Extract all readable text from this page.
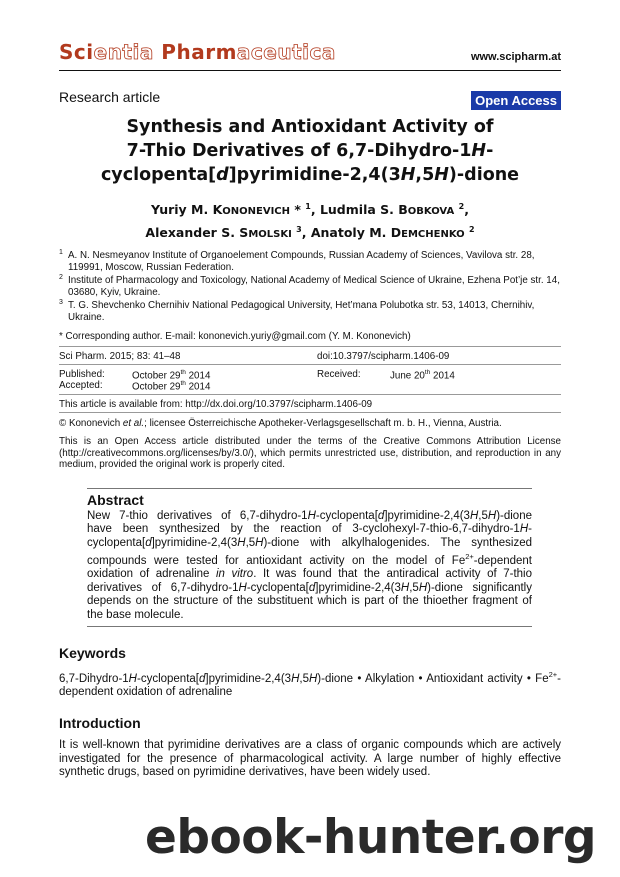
Scientia Pharmaceutica	www.scipharm.at
Research article	Open Access
Synthesis and Antioxidant Activity of
7-Thio Derivatives of 6,7-Dihydro-1H-
cyclopenta[d]pyrimidine-2,4(3H,5H)-dione
Yuriy M. KONONEVICH * $^1$, Ludmila S. BOBKOVA $^2$,
Alexander S. SMOLSKI $^3$, Anatoly M. DEMCHENKO $^2$
1 A. N. Nesmeyanov Institute of Organoelement Compounds, Russian Academy of Sciences, Vavilova str. 28, 119991, Moscow, Russian Federation.
2 Institute of Pharmacology and Toxicology, National Academy of Medical Science of Ukraine, Ezhena Pot’je str. 14, 03680, Kyiv, Ukraine.
3 T. G. Shevchenko Chernihiv National Pedagogical University, Het’mana Polubotka str. 53, 14013, Chernihiv, Ukraine.
* Corresponding author. E-mail: kononevich.yuriy@gmail.com (Y. M. Kononevich)
Sci Pharm. 2015; 83: 41–48	doi:10.3797/scipharm.1406-09
Published:	October 29th 2014	Received:	June 20th 2014
Accepted:	October 29th 2014
This article is available from: http://dx.doi.org/10.3797/scipharm.1406-09
© Kononevich et al.; licensee Österreichische Apotheker-Verlagsgesellschaft m. b. H., Vienna, Austria.
This is an Open Access article distributed under the terms of the Creative Commons Attribution License (http://creativecommons.org/licenses/by/3.0/), which permits unrestricted use, distribution, and reproduction in any medium, provided the original work is properly cited.
Abstract
New 7-thio derivatives of 6,7-dihydro-1H-cyclopenta[d]pyrimidine-2,4(3H,5H)-dione have been synthesized by the reaction of 3-cyclohexyl-7-thio-6,7-dihydro-1H-cyclopenta[d]pyrimidine-2,4(3H,5H)-dione with alkylhalogenides. The synthesized compounds were tested for antioxidant activity on the model of $Fe^{2+}$-dependent oxidation of adrenaline in vitro. It was found that the antiradical activity of 7-thio derivatives of 6,7-dihydro-1H-cyclopenta[d]pyrimidine-2,4(3H,5H)-dione significantly depends on the structure of the substituent which is part of the thioether fragment of the base molecule.
Keywords
6,7-Dihydro-1H-cyclopenta[d]pyrimidine-2,4(3H,5H)-dione • Alkylation • Antioxidant activity • $Fe^{2+}$-dependent oxidation of adrenaline
Introduction
It is well-known that pyrimidine derivatives are a class of organic compounds which are actively investigated for the presence of pharmacological activity. A large number of highly effective synthetic drugs, based on pyrimidine derivatives, have been widely used.
ebook-hunter.org
